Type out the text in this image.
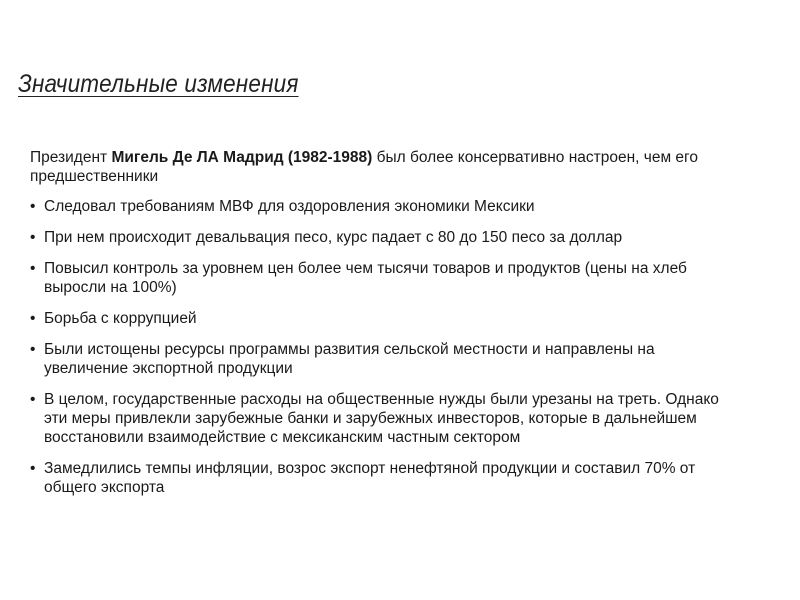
Значительные изменения

Президент Мигель Де ЛА Мадрид (1982-1988) был более консервативно настроен, чем его предшественники

• Следовал требованиям МВФ для оздоровления экономики Мексики
• При нем происходит девальвация песо, курс падает с 80 до 150 песо за доллар
• Повысил контроль за уровнем цен более чем тысячи товаров и продуктов (цены на хлеб выросли на 100%)
• Борьба с коррупцией
• Были истощены ресурсы программы развития сельской местности и направлены на увеличение экспортной продукции
• В целом, государственные расходы на общественные нужды были урезаны на треть. Однако эти меры привлекли зарубежные банки и зарубежных инвесторов, которые в дальнейшем восстановили взаимодействие с мексиканским частным сектором
• Замедлились темпы инфляции, возрос экспорт ненефтяной продукции и составил 70% от общего экспорта
